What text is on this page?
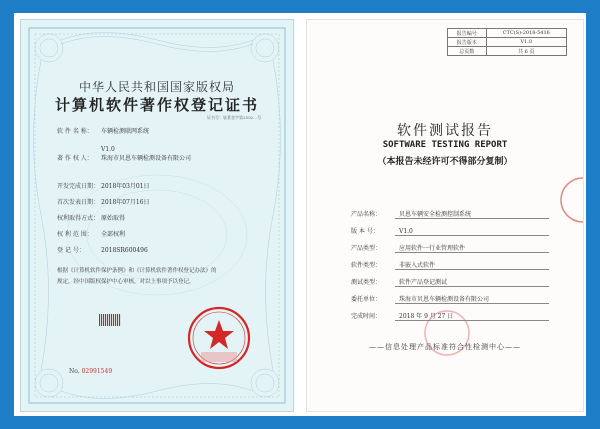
中华人民共和国国家版权局
计算机软件著作权登记证书
证书号：软著登字第2592…号
软 件 名 称： 车辆检测联网系统
V1.0
著 作 权 人： 珠海市贝恩车辆检测设备有限公司
开发完成日期： 2018年03月01日
首次发表日期： 2018年07月16日
权利取得方式： 原始取得
权 利 范 围： 全部权利
登 记 号：	2018SR600496
根据《计算机软件保护条例》和《计算机软件著作权登记办法》的
规定，经中国版权保护中心审核，对以上事项予以登记。
No. 02991549
报告编号	CTC(S)-2018-5416
报告版本	V1.0
总页数	共 6 页
软件测试报告
SOFTWARE TESTING REPORT
（本报告未经许可不得部分复制）
产品名称：	贝恩车辆安全检测控制系统
版 本 号：	V1.0
产品类型：	应用软件一行业管理软件
软件类型：	非嵌入式软件
测试类型：	软件产品登记测试
委托单位：	珠海市贝恩车辆检测设备有限公司
完成时间：	2018 年 9 月 27 日
——信息处理产品标准符合性检测中心——
